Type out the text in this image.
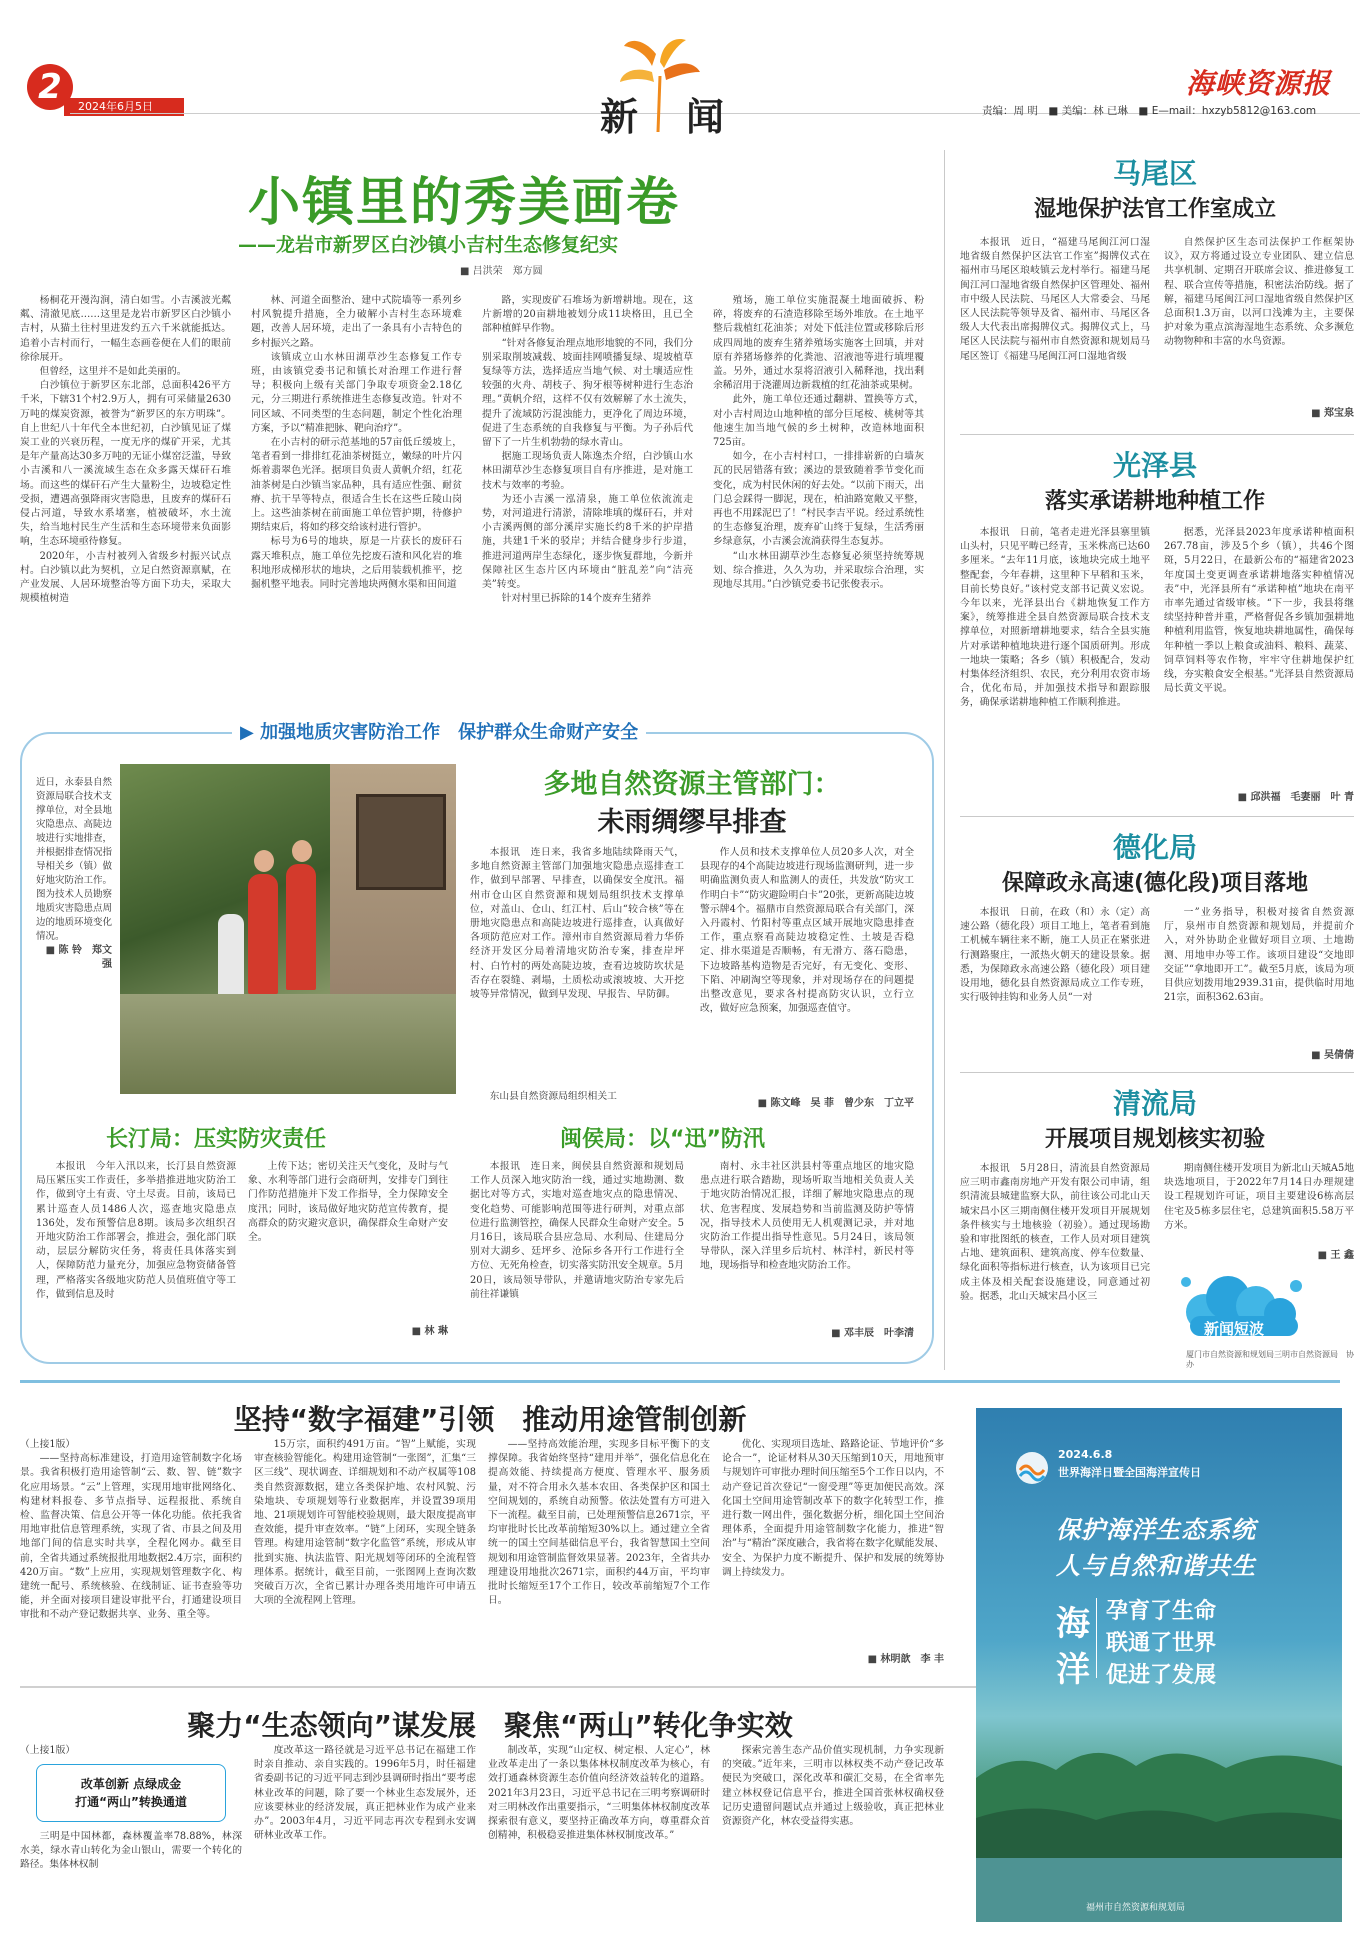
2	2024年6月5日	新 闻
海峡资源报
责编：周 明　■ 美编：林 已琳　■ E—mail：hxzyb5812@163.com
小镇里的秀美画卷
——龙岩市新罗区白沙镇小吉村生态修复纪实
■ 吕洪荣　郑方圆

杨桐花开漫沟涧，清白如雪。小吉溪波光粼粼、清澈见底……这里是龙岩市新罗区白沙镇小吉村，从猫土往村里进发约五六千米就能抵达。追着小吉村而行，一幅生态画卷便在人们的眼前徐徐展开。

但曾经，这里并不是如此美丽的。

白沙镇位于新罗区东北部，总面积426平方千米，下辖31个村2.9万人，拥有可采储量2630万吨的煤炭资源，被誉为“新罗区的东方明珠”。自上世纪八十年代全本世纪初，白沙镇见证了煤炭工业的兴衰历程，一度无序的煤矿开采，尤其是年产量高达30多万吨的无证小煤窑泛滥，导致小吉溪和八一溪流域生态在众多露天煤矸石堆场。而这些的煤矸石产生大量粉尘，边坡稳定性受损，遭遇高强降雨灾害隐患，且废弃的煤矸石侵占河道，导致水系堵塞，植被破坏，水土流失，给当地村民生产生活和生态环境带来负面影响，生态环境亟待修复。

2020年，小吉村被列入省级乡村振兴试点村。白沙镇以此为契机，立足白然资源禀赋，在产业发展、人居环境整治等方面下功夫，采取大规模植树造

林、河道全面整治、建中式院墙等一系列乡村风貌提升措施，全力破解小吉村生态环境难题，改善人居环境，走出了一条具有小吉特色的乡村振兴之路。

该镇成立山水林田湖草沙生态修复工作专班，由该镇党委书记和镇长对治理工作进行督导；积极向上级有关部门争取专项资金2.18亿元，分三期进行系统推进生态修复改造。针对不同区域、不同类型的生态问题，制定个性化治理方案，予以“精准把脉、靶向治疗”。

在小吉村的研示范基地的57亩低丘缓坡上，笔者看到一排排红花油茶树挺立，嫩绿的叶片闪烁着翡翠色光泽。据项目负责人黄帆介绍，红花油茶树是白沙镇当家品种，具有适应性强、耐贫瘠、抗干旱等特点，很适合生长在这些丘陵山岗上。这些油茶树在前面施工单位管护期，待修护期结束后，将如约移交给该村进行管护。

标号为6号的地块，原是一片获长的废矸石露天堆积点，施工单位先挖废石渣和风化岩的堆积地形成梯形状的地块，之后用装载机推平，挖掘机整平地表。同时完善地块两侧水渠和田间道

路，实现废矿石堆场为新增耕地。现在，这片新增的20亩耕地被划分成11块格田，且已全部种植鲜早作物。

“针对各修复治理点地形地貌的不同，我们分别采取削坡减载、坡面挂网喷播复绿、堤坡植草复绿等方法，选择适应当地气候、对土壤适应性较强的火舟、胡枝子、狗牙根等树种进行生态治理。”黄帆介绍，这样不仅有效解解了水土流失，提升了流域防污混浊能力，更净化了周边环境，促进了生态系统的自我修复与平衡。为子孙后代留下了一片生机勃勃的绿水青山。

据施工现场负责人陈逸杰介绍，白沙镇山水林田湖草沙生态修复项目自有序推进，是对施工技术与效率的考验。

为还小吉溪一泓清泉，施工单位依流流走势，对河道进行清淤，清除堆填的煤矸石，并对小吉溪两侧的部分溪岸实施长约8千米的护岸措施，共建1千米的驳岸；并结合健身步行步道，推进河道两岸生态绿化，逐步恢复群地，今新并保障社区生态片区内环境由“脏乱差”向“洁亮美”转变。

针对村里已拆除的14个废弃生猪养

殖场，施工单位实施混凝土地面破拆、粉碎，将废弃的石渣造移除至场外堆放。在土地平整后栽植红花油茶；对处下低洼位置或移除后形成四周地的废弃生猪养殖场实施客土回填，并对原有养猪场修养的化粪池、沼液池等进行填埋覆盖。另外，通过水泵将沼液引入稀释池，找出剩余稀沼用于浇灌周边新栽植的红花油茶或果树。

此外，施工单位还通过翻耕、置换等方式，对小吉村周边山地种植的部分巨尾桉、桃树等其他速生加当地气候的乡土树种，改造林地面积725亩。

如今，在小吉村村口，一排排崭新的白墙灰瓦的民居错落有致；溪边的景致随着季节变化而变化，成为村民休闲的好去处。“以前下雨天，出门总会踩得一脚泥，现在，柏油路宽敞又平整，再也不用踩泥巴了！”村民李吉平说。经过系统性的生态修复治理，废弃矿山终于复绿，生活秀丽乡绿意氛，小吉溪会流淌获得生态复苏。

“山水林田湖草沙生态修复必须坚持统筹规划、综合推进，久久为功，并采取综合治理，实现地尽其用。”白沙镇党委书记张俊表示。

马尾区
湿地保护法官工作室成立

本报讯　近日，“福建马尾闽江河口湿地省级自然保护区法官工作室”揭牌仪式在福州市马尾区琅岐镇云龙村举行。福建马尾闽江河口湿地省级自然保护区管理处、福州市中级人民法院、马尾区人大常委会、马尾区人民法院等领导及省、福州市、马尾区各级人大代表出席揭牌仪式。揭牌仪式上，马尾区人民法院与福州市自然资源和规划局马尾区签订《福建马尾闽江河口湿地省级

自然保护区生态司法保护工作框架协议》，双方将通过设立专业团队、建立信息共享机制、定期召开联席会议、推进修复工程、联合宣传等措施，积密法治防线。据了解，福建马尾闽江河口湿地省级自然保护区总面积1.3万亩，以河口浅滩为主，主要保护对象为重点滨海湿地生态系统、众多濒危动物物种和丰富的水鸟资源。

■ 郑宝泉
光泽县
落实承诺耕地种植工作

本报讯　日前，笔者走进光泽县寨里镇山头村，只见平畴已经青，玉米株高已达60多厘米。“去年11月底，该地块完成土地平整配套，今年春耕，这里种下早稻和玉米，目前长势良好。”该村党支部书记黄义宏说。今年以来，光泽县出台《耕地恢复工作方案》，统筹推进全县自然资源局联合技术支撑单位，对照新增耕地要求，结合全县实施片对承诺种植地块进行逐个国质研判。形成一地块一策略；各乡（镇）积极配合，发动村集体经济组织、农民，充分利用农资市场合，优化布局，并加强技术指导和跟踪服务，确保承诺耕地种植工作顺利推进。

据悉，光泽县2023年度承诺种植面积267.78亩，涉及5个乡（镇），共46个图斑，5月22日，在最新公布的“福建省2023年度国土变更调查承诺耕地落实种植情况表”中，光泽县所有“承诺种植”地块在南平市率先通过省级审核。“下一步，我县将继续坚持种普并重，严格督促各乡镇加强耕地种植利用监管，恢复地块耕地属性，确保每年种植一季以上粮食或油料、粮料、蔬菜、饲草饲料等农作物，牢牢守住耕地保护红线，夯实粮食安全根基。”光泽县自然资源局局长黄文平说。

■ 邱洪福　毛妻丽　叶 青
德化局
保障政永高速(德化段)项目落地

本报讯　日前，在政（和）永（定）高速公路（德化段）项目工地上，笔者看到施工机械车辆往来不断，施工人员正在紧张进行测路聚庄，一派热火朝天的建设景象。据悉，为保障政永高速公路（德化段）项目建设用地，德化县自然资源局成立工作专班，实行吸钟挂钩和业务人员“一对

一”业务指导，积极对接省自然资源厅，泉州市自然资源和规划局，并提前介入，对外协助企业做好项目立项、土地勘测、用地申办等工作。该项目建设“交地即交证”“拿地即开工”。截至5月底，该局为项目供应划拨用地2939.31亩，提供临时用地21宗，面积362.63亩。

■ 吴倩倩
清流局
开展项目规划核实初验

本报讯　5月28日，清流县自然资源局应三明市鑫南房地产开发有限公司申请，组织清流县城建监察大队，前往该公司北山天城宋昌小区三期南侧住楼开发项目开展规划条件核实与土地核验（初验）。通过现场勘验和审批图纸的核查，工作人员对项目建筑占地、建筑面积、建筑高度、停车位数量、绿化面积等指标进行核查，认为该项目已完成主体及相关配套设施建设，同意通过初验。据悉，北山天城宋昌小区三

期南侧住楼开发项目为新北山天城A5地块选地项目，于2022年7月14日办理规建设工程规划许可证，项目主要建设6栋高层住宅及5栋多层住宅，总建筑面积5.58万平方米。

■ 王 鑫
新闻短波
厦门市自然资源和规划局三明市自然资源局　协办
▶ 加强地质灾害防治工作　保护群众生命财产安全
近日，永泰县自然资源局联合技术支撑单位，对全县地灾隐患点、高陡边坡进行实地排查，并根据排查情况指导相关乡（镇）做好地灾防治工作。图为技术人员勘察地质灾害隐患点周边的地质环境变化情况。

■ 陈 铃　郑文强
多地自然资源主管部门：
未雨绸缪早排查

本报讯　连日来，我省多地陆续降雨天气，多地自然资源主管部门加强地灾隐患点巡排查工作，做到早部署、早排查，以确保安全度汛。福州市仓山区自然资源和规划局组织技术支撑单位，对盖山、仓山、红江村、后山“较合核”等在册地灾隐患点和高陡边坡进行巡排查，认真做好各项防范应对工作。漳州市自然资源局着力华侨经济开发区分局着清地灾防治专案，排查岸坪村、白竹村的两处高陡边坡，查看边坡防坎状是否存在裂缝、剥塌，土质松动或滚坡坡、大开挖坡等异常情况，做到早发现、早报告、早防御。

东山县自然资源局组织相关工

作人员和技术支撑单位人员20多人次，对全县现存的4个高陡边坡进行现场监测研判，进一步明确监测负责人和监测人的责任，共发放“防灾工作明白卡”“防灾避险明白卡”20张，更新高陡边坡警示牌4个。福鼎市自然资源局联合有关部门，深入丹霞村、竹阳村等重点区域开展地灾隐患排查工作，重点察看高陡边坡稳定性、土坡是否稳定、排水渠道是否顺畅，有无滑方、落石隐患，下边坡路基构造物是否完好，有无变化、变形、下陷、冲刷淘空等现象，并对现场存在的问题提出整改意见，要求各村提高防灾认识，立行立改，做好应急预案，加强巡查值守。

■ 陈文峰　吴 菲　曾少东　丁立平
长汀局：压实防灾责任

本报讯　今年入汛以来，长汀县自然资源局压紧压实工作责任，多举措推进地灾防治工作，做到守土有责、守土尽责。目前，该局已累计巡查人员1486人次，巡查地灾隐患点136处，发布预警信息8期。该局多次组织召开地灾防治工作部署会，推进会，强化部门联动，层层分解防灾任务，将责任具体落实到人，保障防范力量充分，加强应急物资储备管理，严格落实各级地灾防范人员值班值守等工作，做到信息及时

上传下达；密切关注天气变化，及时与气象、水利等部门进行会商研判，安排专门到往门作防范措施并下发工作指导，全力保障安全度汛；同时，该局做好地灾防范宣传教育，提高群众的防灾避灾意识，确保群众生命财产安全。

■ 林 琳
闽侯局：以“迅”防汛

本报讯　连日来，闽侯县自然资源和规划局工作人员深入地灾防治一线，通过实地勘测、数据比对等方式，实地对巡查地灾点的隐患情况、变化趋势、可能影响范围等进行研判，对重点部位进行监测管控，确保人民群众生命财产安全。5月16日，该局联合县应急局、水利局、住建局分别对大湖乡、廷坪乡、沧际乡各开行工作进行全方位、无死角检查，切实落实防汛安全规章。5月20日，该局领导带队，并邀请地灾防治专家先后前往祥谦镇

南村、永丰社区洪县村等重点地区的地灾隐患点进行联合踏勘，现场听取当地相关负责人关于地灾防治情况汇报，详细了解地灾隐患点的现状、危害程度、发展趋势和当前监测及防护等情况，指导技术人员使用无人机观测记录，并对地灾防治工作提出指导性意见。5月24日，该局领导带队，深入洋里乡后坑村、林洋村，新民村等地，现场指导和检查地灾防治工作。

■ 邓丰辰　叶李清
坚持“数字福建”引领　推动用途管制创新
（上接1版）

——坚持高标准建设，打造用途管制数字化场景。我省积极打造用途管制“云、数、智、链”数字化应用场景。“云”上管理，实现用地审批网络化、构建材料报卷、多节点指导、远程报批、系统自检、监督决策、信息公开等一体化功能。依托我省用地审批信息管理系统，实现了省、市县之间及用地部门间的信息实时共享，全程化网办。截至目前，全省共通过系统报批用地数据2.4万宗，面积约420万亩。“数”上应用，实现规划管理数字化、构建统一配号、系统核验、在线制证、证书查验等功能，并全面对接项目建设审批平台，打通建设项目审批和不动产登记数据共享、业务、重全等。

15万宗，面积约491万亩。“智”上赋能，实现审查核验智能化。构建用途管制“一张图”，汇集“三区三线”、现状调查、详细规划和不动产权属等108类自然资源数据，建立各类保护地、农村风貌、污染地块、专项规划等行业数据库，并设置39项用地、21项规划许可智能校验规则，最大限度提高审查效能，提升审查效率。“链”上闭环，实现全链条管理。构建用途管制“数字化监管”系统，形成从审批到实施、执法监管、阳光规划等闭环的全流程管理体系。据统计，截至目前，一张图网上查询次数突破百万次，全省已累计办理各类用地许可申请五大项的全流程网上管理。

——坚持高效能治理，实现多目标平衡下的支撑保障。我省始终坚持“建用并举”，强化信息化在提高效能、持续提高方便度、管理水平、服务质量，对不符合用永久基本农田、各类保护区和国土空间规划的，系统自动预警。依法处置有方可进入下一流程。截至目前，已处理预警信息2671宗，平均审批时长比改革前缩短30%以上。通过建立全省统一的国土空间基础信息平台，我省智慧国土空间规划和用途管制监督效果显著。2023年，全省共办理建设用地批次2671宗，面积约44万亩，平均审批时长缩短至17个工作日，较改革前缩短7个工作日。

优化、实现项目选址、路路论证、节地评价“多论合一”，论证材料从30天压缩到10天，用地预审与规划许可审批办理时间压缩至5个工作日以内，不动产登记首次登记“一窗受理”等更加便民高效。深化国土空间用途管制改革下的数字化转型工作，推进行数一网出件，强化数据分析，细化国土空间治理体系，全面提升用途管制数字化能力，推进“智治”与“精治”深度融合，我省将在数字化赋能发展、安全、为保护力度不断提升、保护和发展的统筹协调上持续发力。

■ 林明歆　李 丰
聚力“生态领向”谋发展　聚焦“两山”转化争实效
（上接1版）
改革创新 点绿成金
打通“两山”转换通道

三明是中国林都，森林覆盖率78.88%，林深水美，绿水青山转化为金山银山，需要一个转化的路径。集体林权制

度改革这一路径就是习近平总书记在福建工作时亲自推动、亲自实践的。1996年5月，时任福建省委副书记的习近平同志到沙县调研时指出“要考虑林业改革的问题，除了要一个林业生态发展外，还应该要林业的经济发展，真正把林业作为成产业来办”。2003年4月，习近平同志再次专程到永安调研林业改革工作。

制改革，实现“山定权、树定根、人定心”，林业改革走出了一条以集体林权制度改革为核心，有效打通森林资源生态价值向经济效益转化的道路。2021年3月23日，习近平总书记在三明考察调研时对三明林改作出重要指示，“三明集体林权制度改革探索很有意义，要坚持正确改革方向，尊重群众首创精神，积极稳妥推进集体林权制度改革。”

探索完善生态产品价值实现机制，力争实现新的突破。”近年来，三明市以林权类不动产登记改革便民为突破口，深化改革和碳汇交易，在全省率先建立林权登记信息平台，推进全国首张林权确权登记历史遗留问题试点并通过上级验收，真正把林业资源资产化，林农受益得实惠。

2024.6.8
世界海洋日暨全国海洋宣传日
保护海洋生态系统
人与自然和谐共生
海
洋
孕育了生命
联通了世界
促进了发展
福州市自然资源和规划局
